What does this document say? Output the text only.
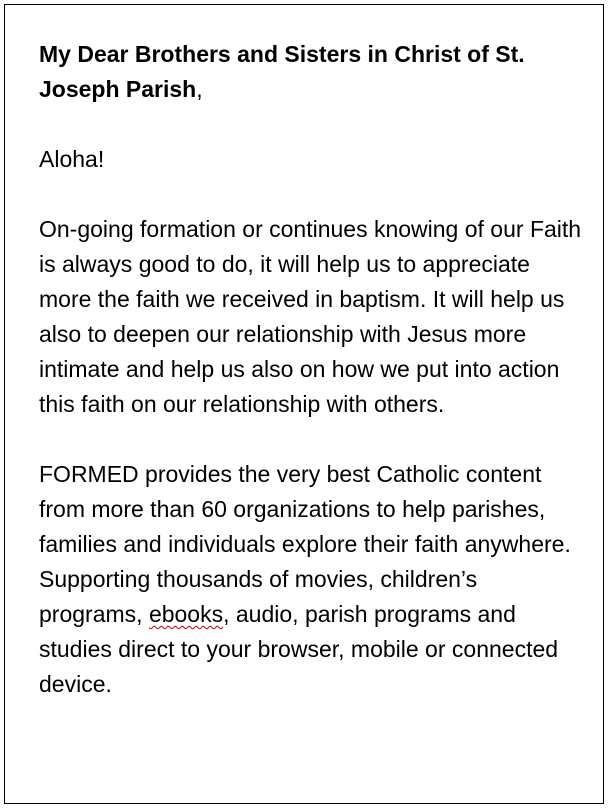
My Dear Brothers and Sisters in Christ of St. Joseph Parish,

Aloha!

On-going formation or continues knowing of our Faith is always good to do, it will help us to appreciate more the faith we received in baptism. It will help us also to deepen our relationship with Jesus more intimate and help us also on how we put into action this faith on our relationship with others.

FORMED provides the very best Catholic content from more than 60 organizations to help parishes, families and individuals explore their faith anywhere. Supporting thousands of movies, children’s programs, ebooks, audio, parish programs and studies direct to your browser, mobile or connected device.
